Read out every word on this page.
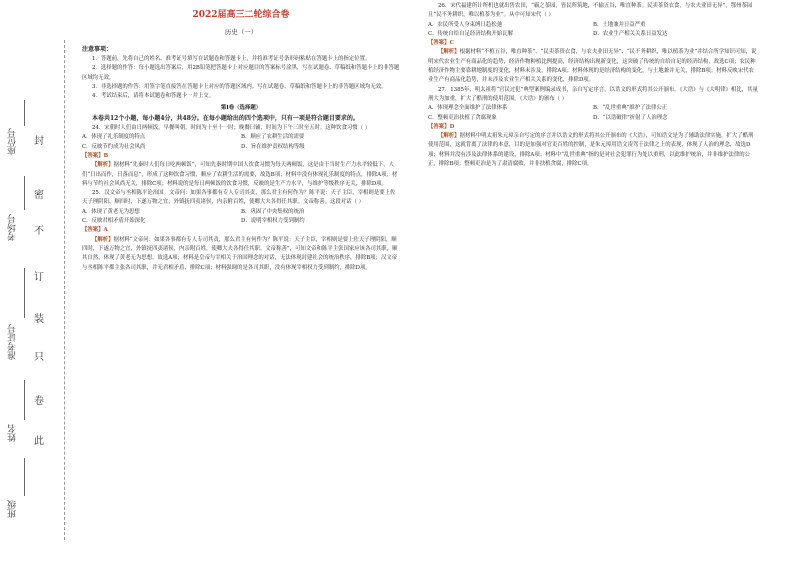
封
密
不
订
装
只
卷
此
座位号
考场号
准考证号
姓名
班级
2022届高三二轮综合卷
历史（一）

注意事项：

1．答题前，先将自己的姓名、准考证号填写在试题卷和答题卡上，并将准考证号条形码粘贴在答题卡上的指定位置。

2．选择题的作答：每小题选出答案后，用2B铅笔把答题卡上对应题目的答案标号涂黑，写在试题卷、草稿纸和答题卡上的非答题区域均无效。

3．非选择题的作答：用签字笔直接答在答题卡上对应的答题区域内。写在试题卷、草稿纸和答题卡上的非答题区域均无效。

4．考试结束后，请将本试题卷和答题卡一并上交。

第Ⅰ卷（选择题）

本卷共12个小题，每小题4分，共48分。在每小题给出的四个选项中，只有一项是符合题目要求的。

24．宋朝时人们由日两顿饭，早餐叫朝，时间为十至十一时；晚餐曰铺，时间为下午三时至五时。这种饮食习惯（ ）

A．体现了礼乐制度的特点	B．顺应了农耕生活的需要
C．反映节约成为社会风尚	D．旨在维护责权结构等级

【答案】B

【解析】据材料“先秦时人们每日吃两顿饭”，可知先秦时期中国人饮食习惯为每天两顿饭，这是由于当时生产力水平较低下，人们“日出而作，日落而息”，形成了这种饮食习惯，顺应了农耕生活的需要，故选B项；材料中没有体现礼乐制度的特点，排除A项；材料与节约社会风尚无关，排除C项；材料说的是每日两顿饭的饮食习惯，反映的是生产力水平，与维护等级秩序无关，排除D项。

25．汉文帝与丞相陈平论治国。文帝问：如果各事都有专人专司其责，那么君主有何作为？陈平说：天子主臣，宰相则是要上佐天子理阴阳、顺四时，下遂万物之宜，外镇抚四夷诸侯，内亲附百姓，使卿大夫各得任其职。文帝称善。这段对话（ ）

A．体现了黄老无为思想	B．巩固了中央集权的统治
C．反映君相矛盾开始深化	D．说明宰相权力受到制约

【答案】A

【解析】据材料“文帝问：如果各事都有专人专司其责，那么君主有何作为？陈平说：天子主臣，宰相则是要上佐天子理阴阳，顺四时，下遂万物之宜，外镇抚四夷诸侯，内亲附百姓，使卿大夫各得任其职。文帝称善”，可知文帝和陈平主张国家应该各司其职，顺其自然，体现了黄老无为思想，故选A项；材料是皇帝与宰相关于治国理念的对话，无法体现封建社会的统治秩序，排除B项；汉文帝与丞相陈平都主张各司其职，并无君相矛盾，排除C项；材料强调的是各司其职，没有体现宰相权力受到制约，排除D项。

26．宋代福建所计所机也就出售农田，“霸之茶园，皆民所筑地，不输五谷，唯直种茶。民卖茶资衣食，与农夫业田无异”，鄂州茶园且“民不务耕织，唯以植茶为业”。从中可知宋代（ ）

A．农民所受人身束缚日趋松弛	B．土地兼并日益严重
C．传统自给自足经济结构开始瓦解	D．农业生产相关关系日益发达

【答案】C

【解析】根据材料“不植五谷，唯直种茶”、“民卖茶资衣食，与农夫业田无异”、“民不务耕织，唯以植茶为业”并结合所学知识可知，说明宋代农业生产有商品化的趋势，经济作物种植比例提高，经济结构出现新变化，这突破了传统的自给自足的经济结构，故选C项；农民种植经济作物主要靠耕地制度的变化，材料未涉及，排除A项；材料体现的是经济结构的变化，与土地兼并无关，排除B项；材料反映宋代农业生产有商品化趋势，并未涉及农业生产相关关系的变化，排除D项。

27．1385年，明太祖将“官民过犯”典型案例编录成书，亲自写定序言，以诰文的形式将其公开颁布。《大诰》与《大明律》相比，其量刑大为加重，扩大了酷刑的使用范围。《大诰》的颁布（ ）

A．体现理念全面维护了法律体系	B．“乱世重典”维护了法律公正
C．整顿吏治扶植了贪腐现象	D．“以诰破律”折射了人治理念

【答案】D

【解析】据材料中明太祖朱元璋亲自写定的序言并以诰文的形式将其公开颁布的《大诰》，可知诰文是为了辅助法律实施，扩大了酷刑使用范围，这就背离了法律的本意，目的是加强对官吏百姓的控制，是朱元璋用诰文凌驾于法律之上的表现，体现了人治的理念，故选D项；材料并没有涉及法律体系的建设，排除A项；材料中“乱世重典”指的是对社会犯罪行为处以重刑，以此维护统治，并非维护法律的公正，排除B项；整顿吏治是为了肃清腐败，并非扶植贪腐，排除C项。
